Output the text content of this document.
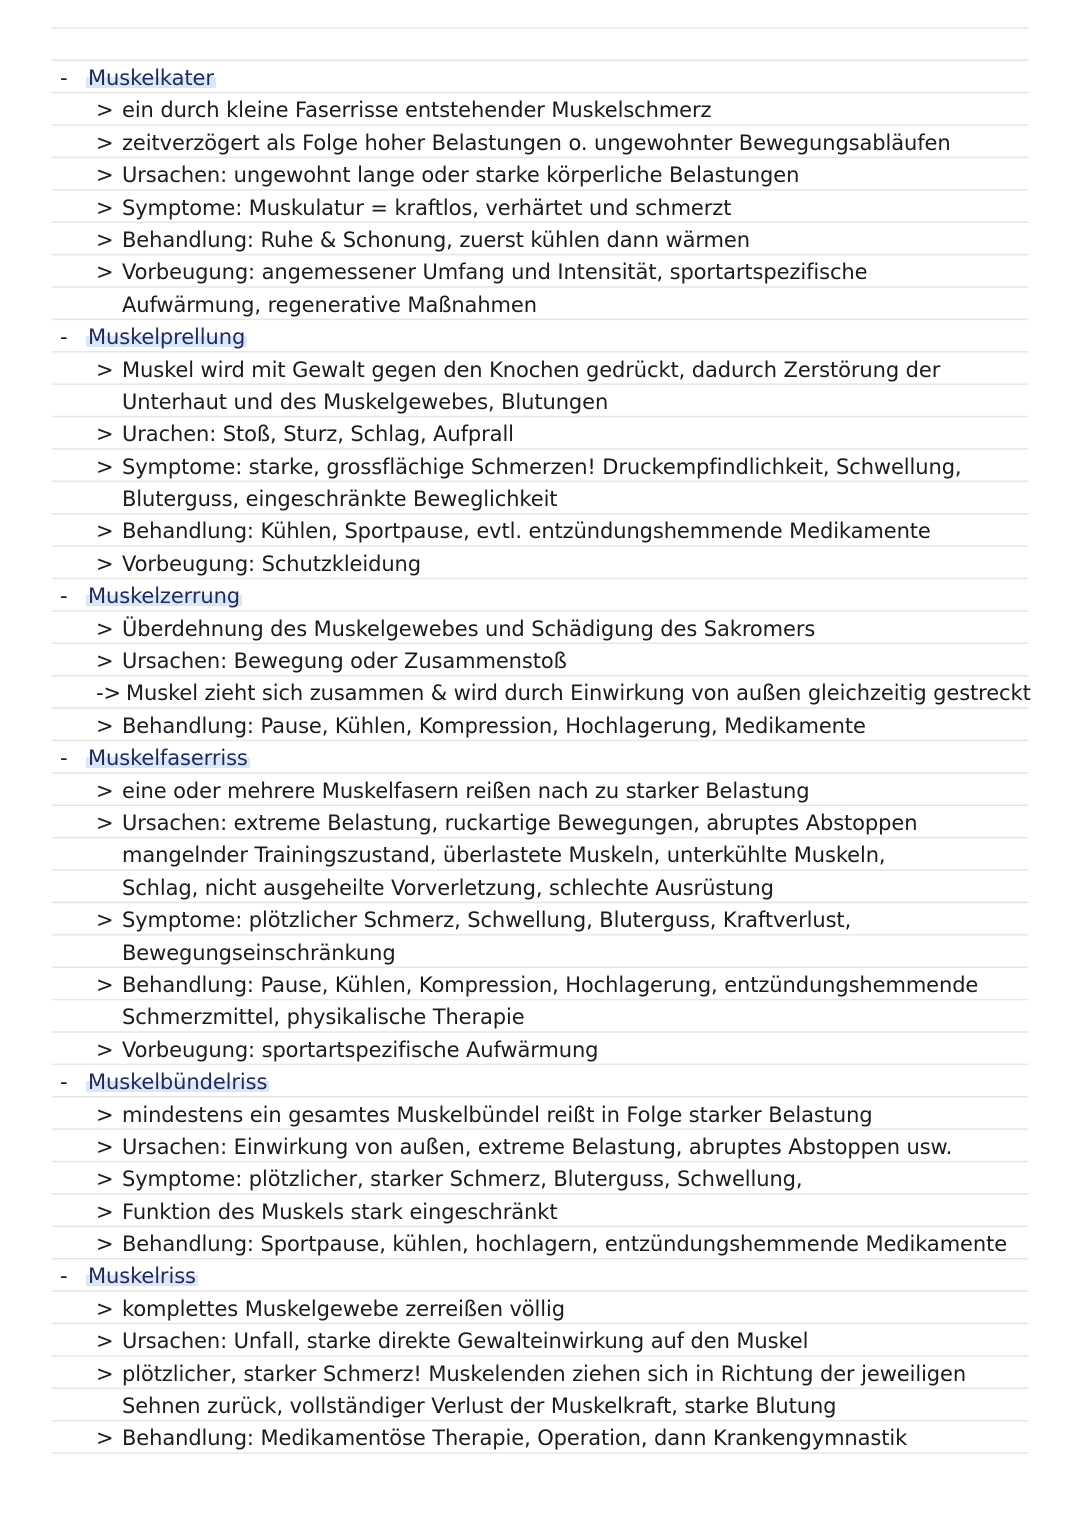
- Muskelkater
> ein durch kleine Faserrisse entstehender Muskelschmerz
> zeitverzögert als Folge hoher Belastungen o. ungewohnter Bewegungsabläufen
> Ursachen: ungewohnt lange oder starke körperliche Belastungen
> Symptome: Muskulatur = kraftlos, verhärtet und schmerzt
> Behandlung: Ruhe & Schonung, zuerst kühlen dann wärmen
> Vorbeugung: angemessener Umfang und Intensität, sportartspezifische
Aufwärmung, regenerative Maßnahmen
- Muskelprellung
> Muskel wird mit Gewalt gegen den Knochen gedrückt, dadurch Zerstörung der
Unterhaut und des Muskelgewebes, Blutungen
> Urachen: Stoß, Sturz, Schlag, Aufprall
> Symptome: starke, grossflächige Schmerzen! Druckempfindlichkeit, Schwellung,
Bluterguss, eingeschränkte Beweglichkeit
> Behandlung: Kühlen, Sportpause, evtl. entzündungshemmende Medikamente
> Vorbeugung: Schutzkleidung
- Muskelzerrung
> Überdehnung des Muskelgewebes und Schädigung des Sakromers
> Ursachen: Bewegung oder Zusammenstoß
-> Muskel zieht sich zusammen & wird durch Einwirkung von außen gleichzeitig gestreckt
> Behandlung: Pause, Kühlen, Kompression, Hochlagerung, Medikamente
- Muskelfaserriss
> eine oder mehrere Muskelfasern reißen nach zu starker Belastung
> Ursachen: extreme Belastung, ruckartige Bewegungen, abruptes Abstoppen
mangelnder Trainingszustand, überlastete Muskeln, unterkühlte Muskeln,
Schlag, nicht ausgeheilte Vorverletzung, schlechte Ausrüstung
> Symptome: plötzlicher Schmerz, Schwellung, Bluterguss, Kraftverlust,
Bewegungseinschränkung
> Behandlung: Pause, Kühlen, Kompression, Hochlagerung, entzündungshemmende
Schmerzmittel, physikalische Therapie
> Vorbeugung: sportartspezifische Aufwärmung
- Muskelbündelriss
> mindestens ein gesamtes Muskelbündel reißt in Folge starker Belastung
> Ursachen: Einwirkung von außen, extreme Belastung, abruptes Abstoppen usw.
> Symptome: plötzlicher, starker Schmerz, Bluterguss, Schwellung,
> Funktion des Muskels stark eingeschränkt
> Behandlung: Sportpause, kühlen, hochlagern, entzündungshemmende Medikamente
- Muskelriss
> komplettes Muskelgewebe zerreißen völlig
> Ursachen: Unfall, starke direkte Gewalteinwirkung auf den Muskel
> plötzlicher, starker Schmerz! Muskelenden ziehen sich in Richtung der jeweiligen
Sehnen zurück, vollständiger Verlust der Muskelkraft, starke Blutung
> Behandlung: Medikamentöse Therapie, Operation, dann Krankengymnastik
